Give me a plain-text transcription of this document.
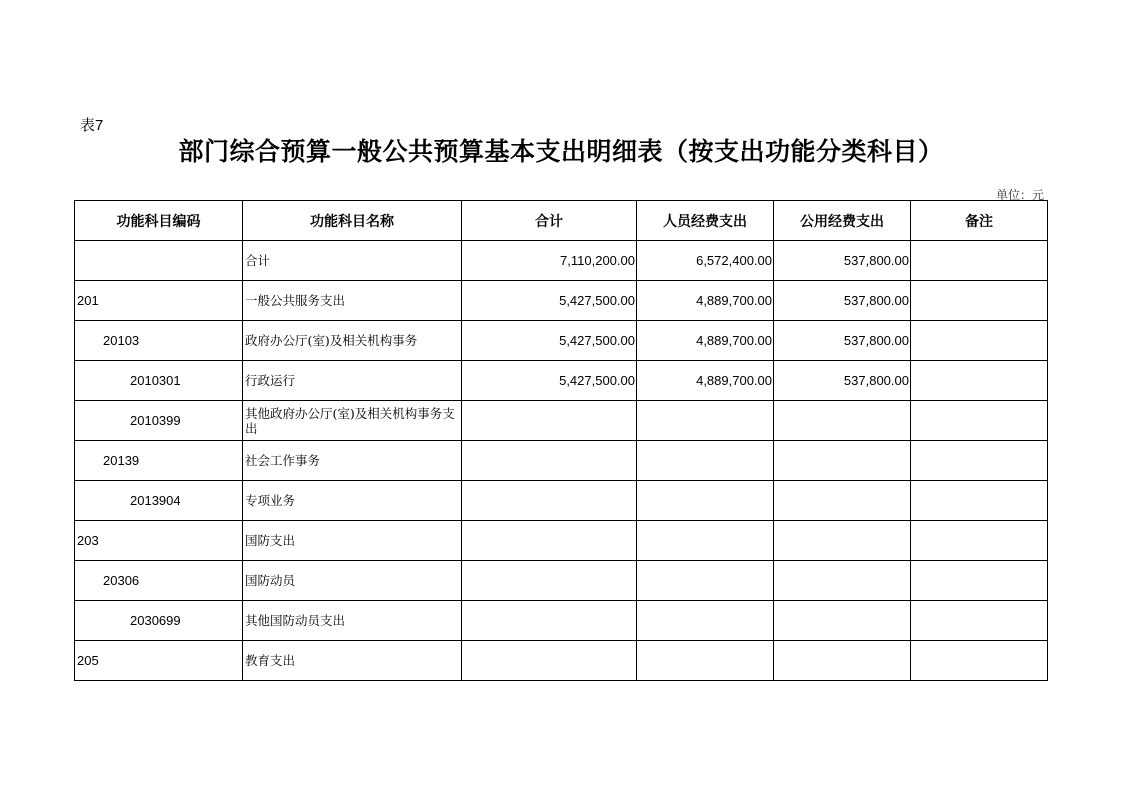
表7
部门综合预算一般公共预算基本支出明细表（按支出功能分类科目）
单位：元
功能科目编码	功能科目名称	合计	人员经费支出	公用经费支出	备注
	合计	7,110,200.00	6,572,400.00	537,800.00	
201	一般公共服务支出	5,427,500.00	4,889,700.00	537,800.00	
20103	政府办公厅(室)及相关机构事务	5,427,500.00	4,889,700.00	537,800.00	
2010301	行政运行	5,427,500.00	4,889,700.00	537,800.00	
2010399	其他政府办公厅(室)及相关机构事务支出				
20139	社会工作事务				
2013904	专项业务				
203	国防支出				
20306	国防动员				
2030699	其他国防动员支出				
205	教育支出				
